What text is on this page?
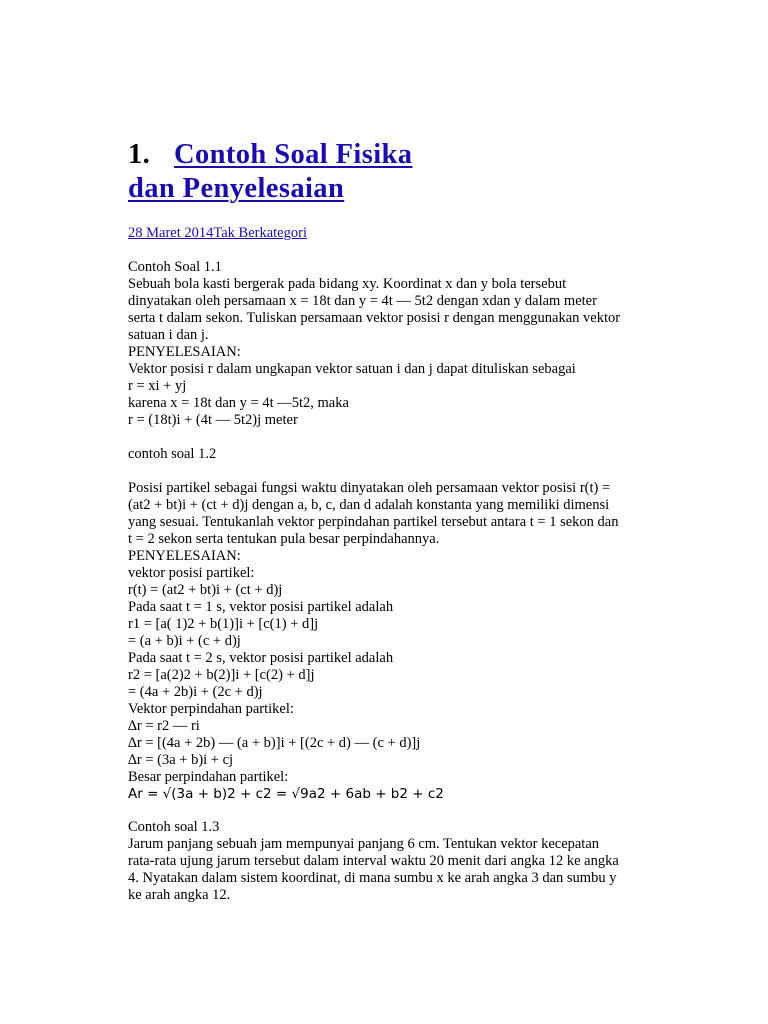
1. Contoh Soal Fisika
dan Penyelesaian
28 Maret 2014Tak Berkategori
Contoh Soal 1.1
Sebuah bola kasti bergerak pada bidang xy. Koordinat x dan y bola tersebut
dinyatakan oleh persamaan x = 18t dan y = 4t — 5t2 dengan xdan y dalam meter
serta t dalam sekon. Tuliskan persamaan vektor posisi r dengan menggunakan vektor
satuan i dan j.
PENYELESAIAN:
Vektor posisi r dalam ungkapan vektor satuan i dan j dapat dituliskan sebagai
r = xi + yj
karena x = 18t dan y = 4t —5t2, maka
r = (18t)i + (4t — 5t2)j meter
contoh soal 1.2
Posisi partikel sebagai fungsi waktu dinyatakan oleh persamaan vektor posisi r(t) =
(at2 + bt)i + (ct + d)j dengan a, b, c, dan d adalah konstanta yang memiliki dimensi
yang sesuai. Tentukanlah vektor perpindahan partikel tersebut antara t = 1 sekon dan
t = 2 sekon serta tentukan pula besar perpindahannya.
PENYELESAIAN:
vektor posisi partikel:
r(t) = (at2 + bt)i + (ct + d)j
Pada saat t = 1 s, vektor posisi partikel adalah
r1 = [a( 1)2 + b(1)]i + [c(1) + d]j
= (a + b)i + (c + d)j
Pada saat t = 2 s, vektor posisi partikel adalah
r2 = [a(2)2 + b(2)]i + [c(2) + d]j
= (4a + 2b)i + (2c + d)j
Vektor perpindahan partikel:
∆r = r2 — ri
∆r = [(4a + 2b) — (a + b)]i + [(2c + d) — (c + d)]j
∆r = (3a + b)i + cj
Besar perpindahan partikel:
Ar = √(3a + b)2 + c2 = √9a2 + 6ab + b2 + c2
Contoh soal 1.3
Jarum panjang sebuah jam mempunyai panjang 6 cm. Tentukan vektor kecepatan
rata-rata ujung jarum tersebut dalam interval waktu 20 menit dari angka 12 ke angka
4. Nyatakan dalam sistem koordinat, di mana sumbu x ke arah angka 3 dan sumbu y
ke arah angka 12.
